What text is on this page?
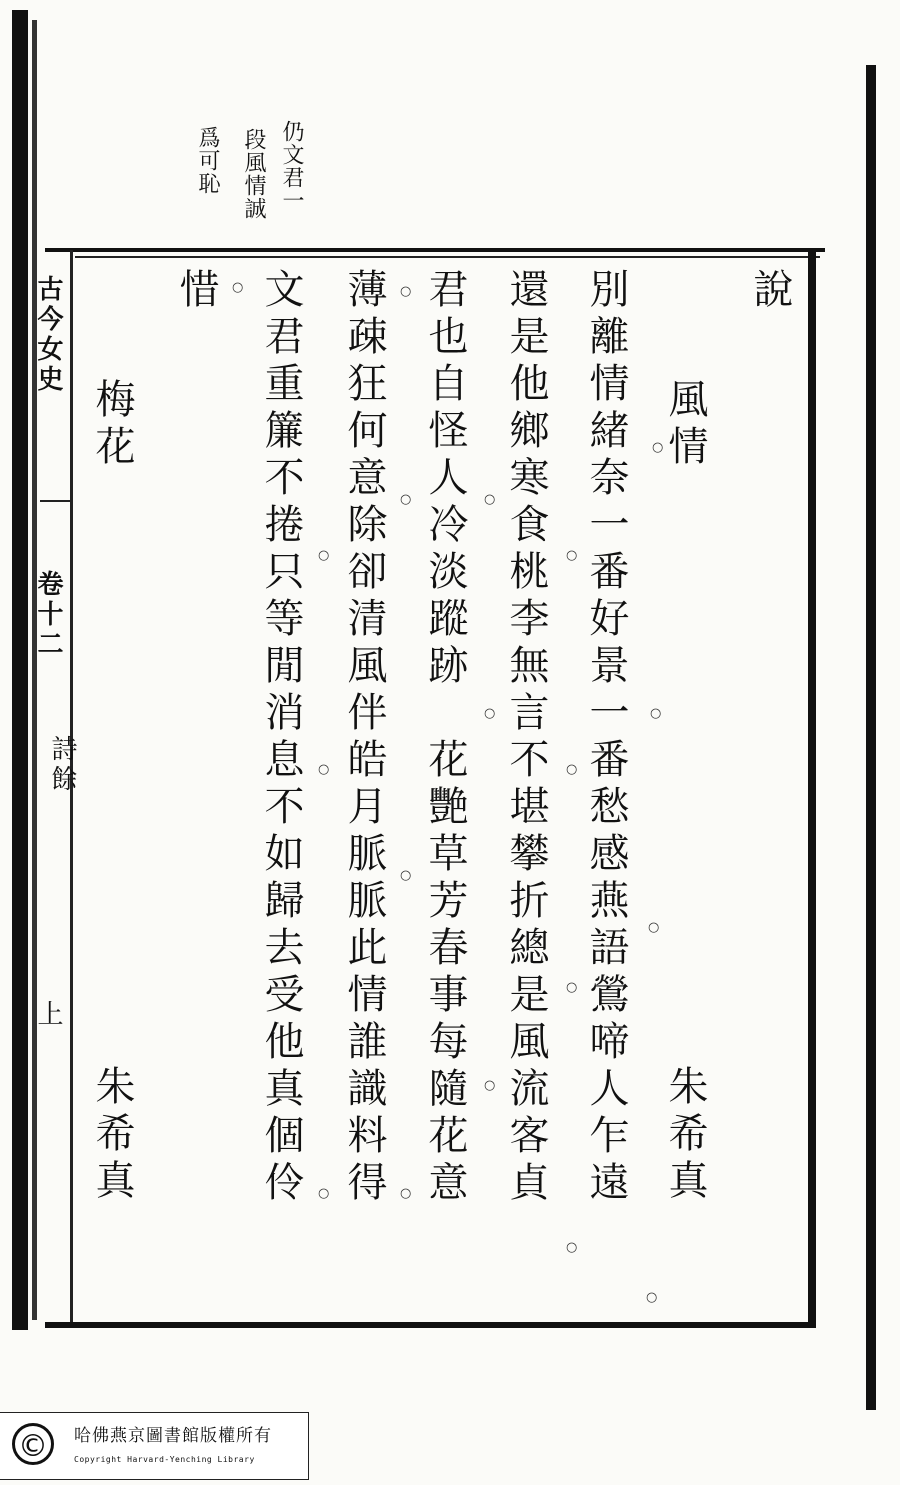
仍文君一
段風情誠
爲可恥
古今女史
卷十二
詩餘
上
說
風情
朱希真
別離情緒奈一番好景一番愁感燕語鶯啼人乍遠
還是他鄉寒食桃李無言不堪攀折總是風流客貞
君也自怪人冷淡蹤跡　花艷草芳春事每隨花意
薄疎狂何意除卻清風伴皓月脈脈此情誰識料得
文君重簾不捲只等閒消息不如歸去受他真個伶
惜
梅花
朱希真
○
○
○
○
○
○
○
○
○
○
○
○
○
○
○
○
○
○
○
©	哈佛燕京圖書館版權所有
Copyright Harvard-Yenching Library
